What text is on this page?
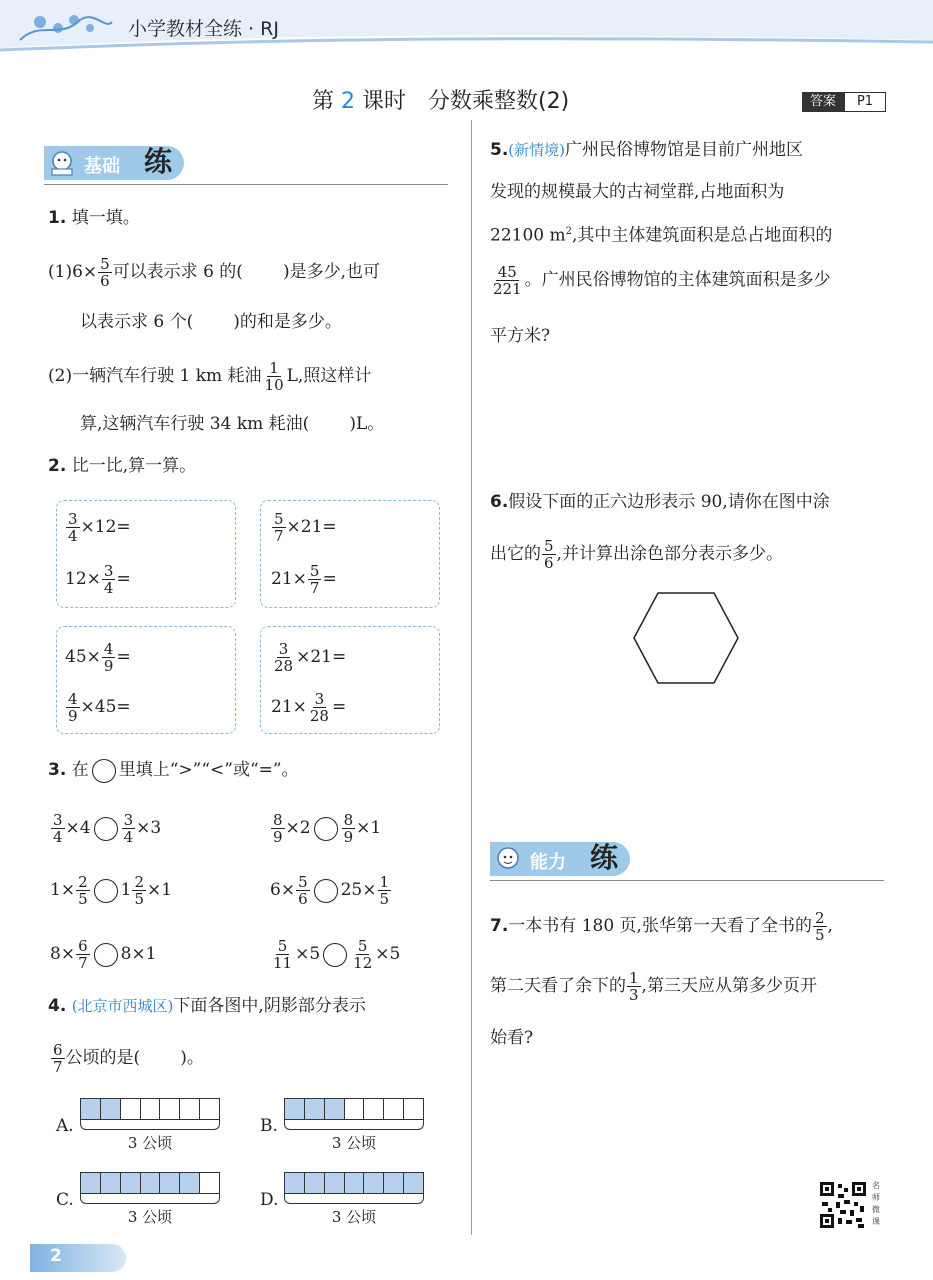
小学教材全练 · RJ
第 2 课时　分数乘整数(2)	答案	P1
基础 练
1. 填一填。
$(1)6\times \frac{5}{6}$ 可以表示求 6 的( )是多少,也可
以表示求 6 个( )的和是多少。
(2)一辆汽车行驶 1 km 耗油 $\frac{1}{10} L$,照这样计
算,这辆汽车行驶 34 km 耗油( )L。
2. 比一比,算一算。
$\frac{3}{4} \times 12=$
$12\times \frac{3}{4}$ =
$\frac{5}{7} \times 21=$
$21\times \frac{5}{7}$ =
$45\times \frac{4}{9}$ =
$\frac{4}{9} \times 45=$
$\frac{3}{28} \times 21=$
$21\times \frac{3}{28}$ =
3. 在 里填上“>”“<”或“=”。
$\frac{3}{4} \times 4 \frac{3}{4} \times 3$	$\frac{8}{9} \times 2 \frac{8}{9} \times 1$
$1\times \frac{2}{5} 1 \frac{2}{5} \times 1$	$6\times \frac{5}{6} 25\times \frac{1}{5}$
$8\times \frac{6}{7} 8\times 1$	$\frac{5}{11} \times 5 \frac{5}{12} \times 5$
4. (北京市西城区)下面各图中,阴影部分表示
$\frac{6}{7}$ 公顷的是( )。
A.
3 公顷
B.
3 公顷
C.
3 公顷
D.
3 公顷
5.(新情境)广州民俗博物馆是目前广州地区
发现的规模最大的古祠堂群,占地面积为
22100 $m^2$,其中主体建筑面积是总占地面积的
$\frac{45}{221}$ 。广州民俗博物馆的主体建筑面积是多少
平方米?
6.假设下面的正六边形表示 90,请你在图中涂
出它的 $\frac{5}{6}$ ,并计算出涂色部分表示多少。
能力 练
7.一本书有 180 页,张华第一天看了全书的 $\frac{2}{5}$ ,
第二天看了余下的 $\frac{1}{3}$ ,第三天应从第多少页开
始看?
名师微课
2
